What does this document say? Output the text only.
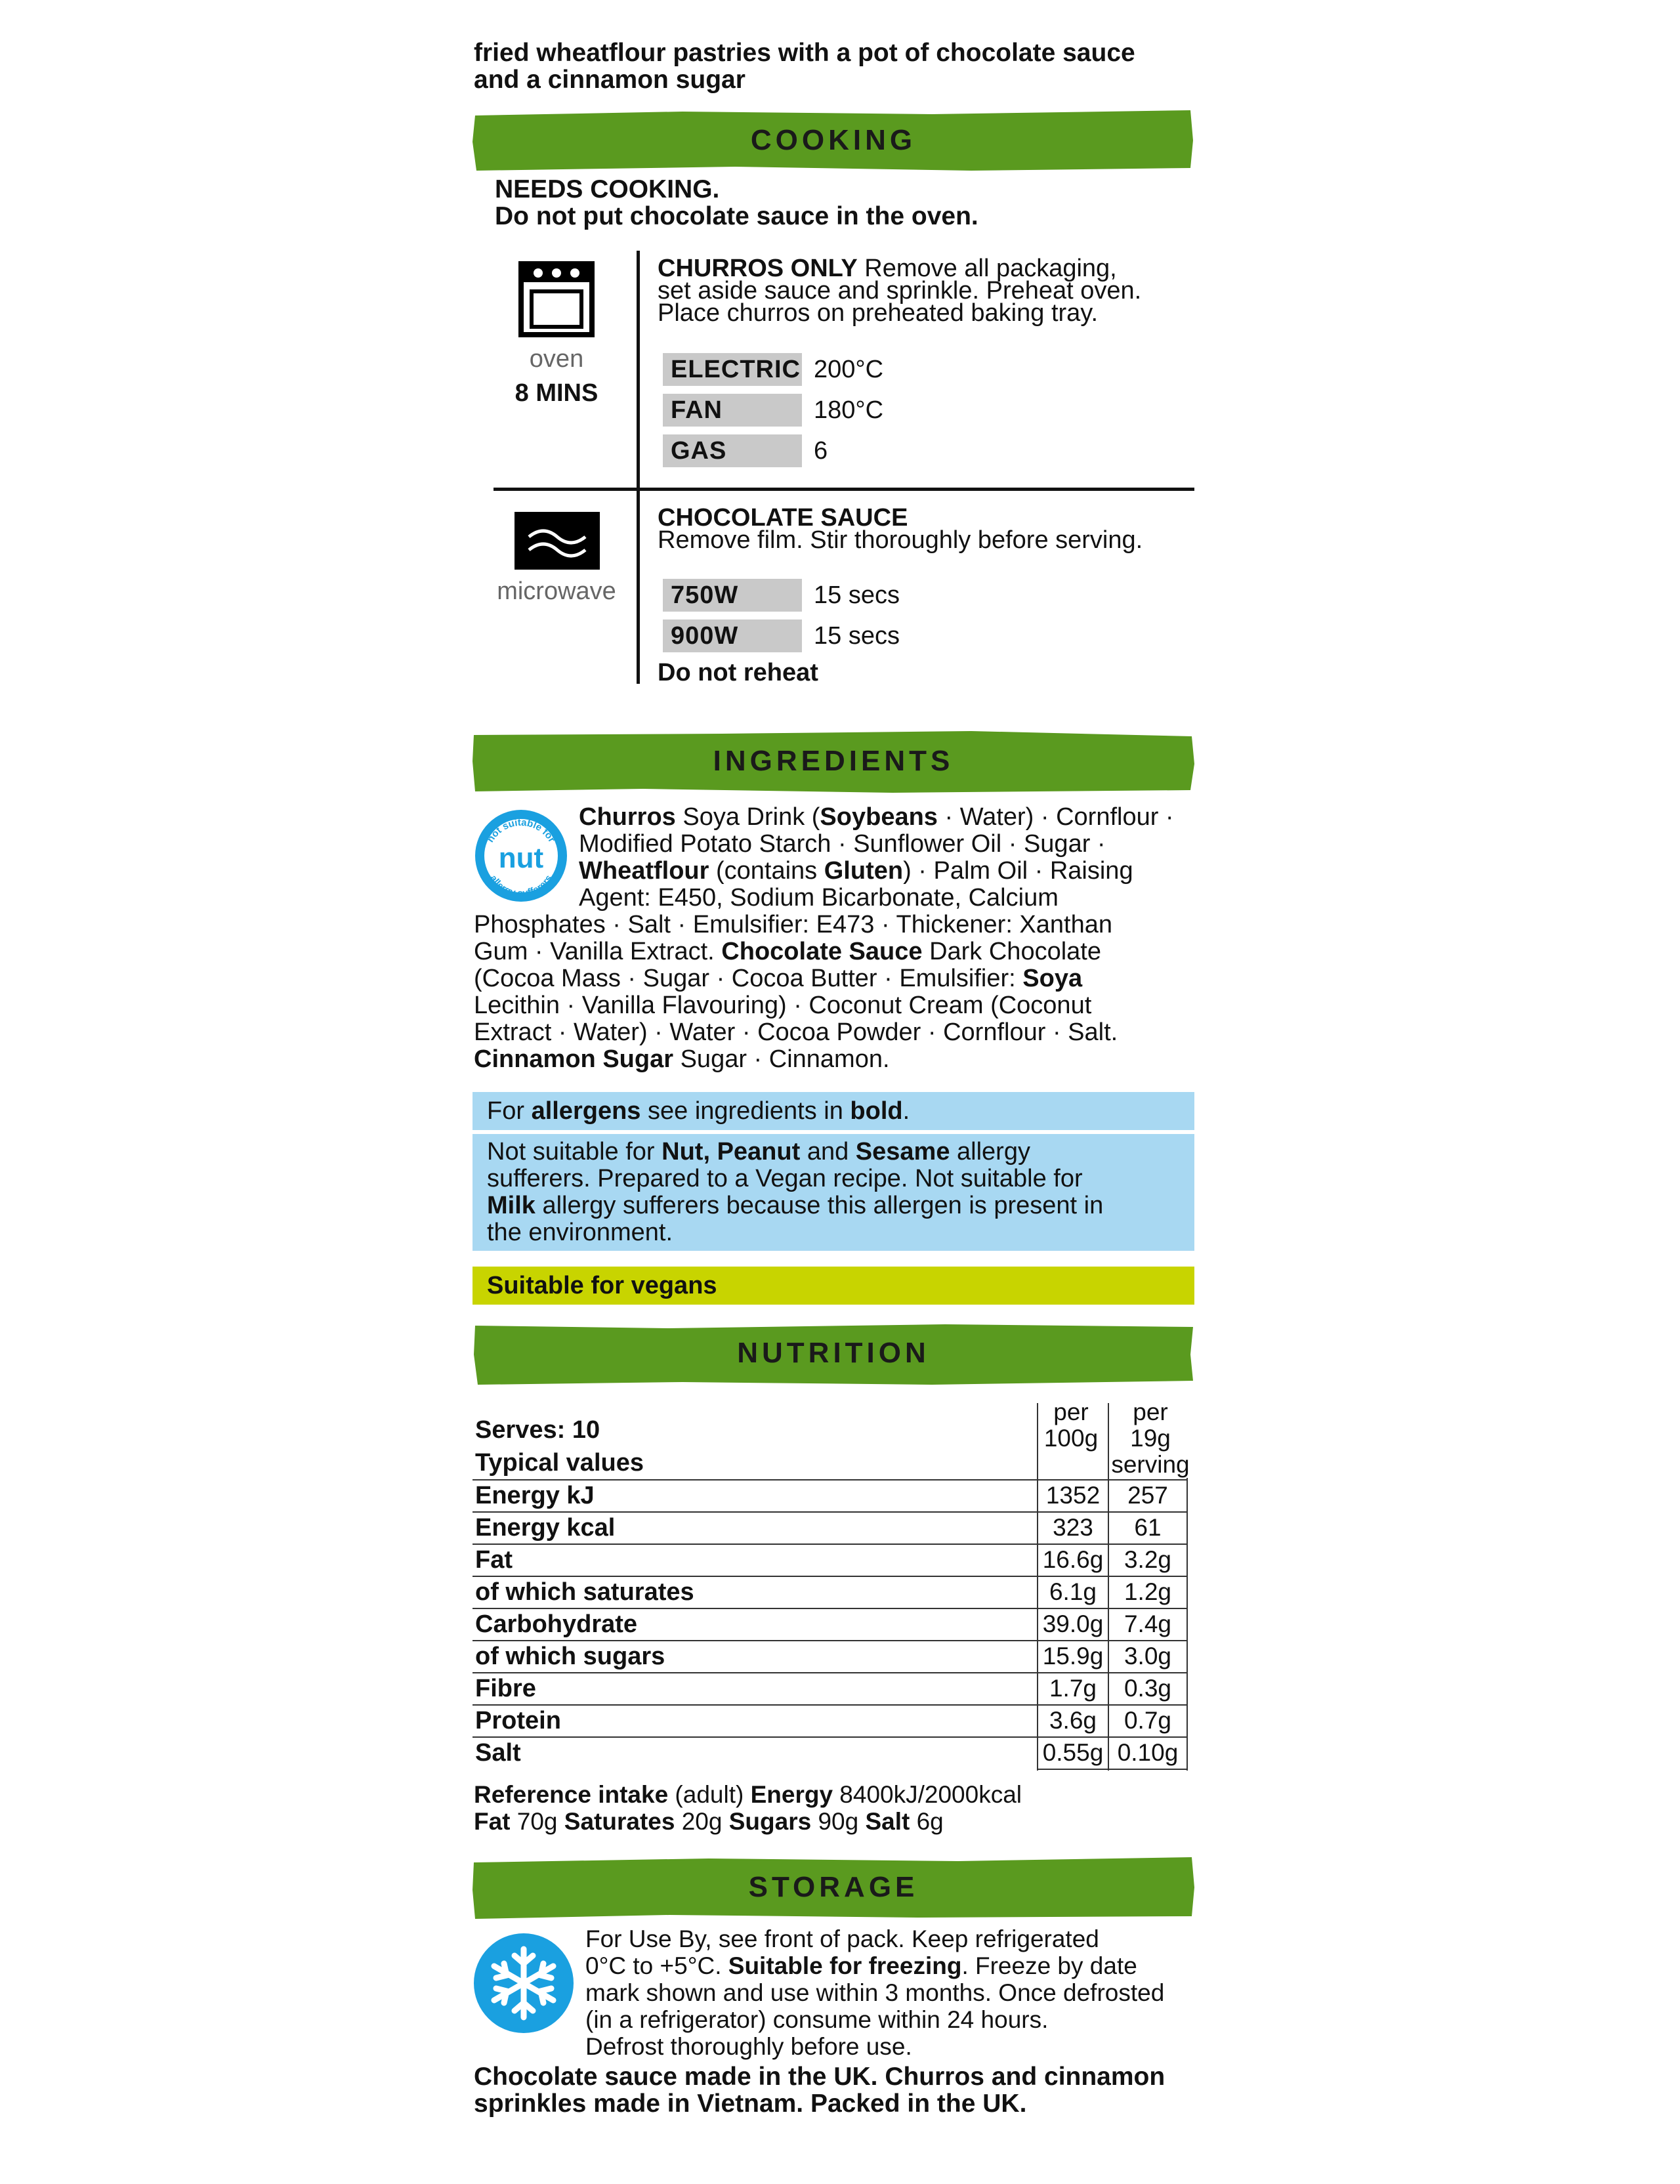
fried wheatflour pastries with a pot of chocolate sauce
and a cinnamon sugar
COOKING
NEEDS COOKING.
Do not put chocolate sauce in the oven.
oven
8 MINS
CHURROS ONLY Remove all packaging,
set aside sauce and sprinkle. Preheat oven.
Place churros on preheated baking tray.
ELECTRIC 200°C
FAN	180°C
GAS	6
microwave
CHOCOLATE SAUCE
Remove film. Stir thoroughly before serving.
750W	15 secs
900W	15 secs
Do not reheat
INGREDIENTS
not suitable for
nut
allergy sufferers
Churros Soya Drink (Soybeans · Water) · Cornflour ·
Modified Potato Starch · Sunflower Oil · Sugar ·
Wheatflour (contains Gluten) · Palm Oil · Raising
Agent: E450, Sodium Bicarbonate, Calcium
Phosphates · Salt · Emulsifier: E473 · Thickener: Xanthan
Gum · Vanilla Extract. Chocolate Sauce Dark Chocolate
(Cocoa Mass · Sugar · Cocoa Butter · Emulsifier: Soya
Lecithin · Vanilla Flavouring) · Coconut Cream (Coconut
Extract · Water) · Water · Cocoa Powder · Cornflour · Salt.
Cinnamon Sugar Sugar · Cinnamon.
For allergens see ingredients in bold.
Not suitable for Nut, Peanut and Sesame allergy
sufferers. Prepared to a Vegan recipe. Not suitable for
Milk allergy sufferers because this allergen is present in
the environment.
Suitable for vegans
NUTRITION
Serves: 10
Typical values
per
100g
per
19g
serving
Energy kJ	1352	257
Energy kcal	323	61
Fat	16.6g 3.2g
of which saturates	6.1g	1.2g
Carbohydrate	39.0g 7.4g
of which sugars	15.9g 3.0g
Fibre	1.7g	0.3g
Protein	3.6g	0.7g
Salt	0.55g 0.10g
Reference intake (adult) Energy 8400kJ/2000kcal
Fat 70g Saturates 20g Sugars 90g Salt 6g
STORAGE
For Use By, see front of pack. Keep refrigerated
0°C to +5°C. Suitable for freezing. Freeze by date
mark shown and use within 3 months. Once defrosted
(in a refrigerator) consume within 24 hours.
Defrost thoroughly before use.
Chocolate sauce made in the UK. Churros and cinnamon
sprinkles made in Vietnam. Packed in the UK.
